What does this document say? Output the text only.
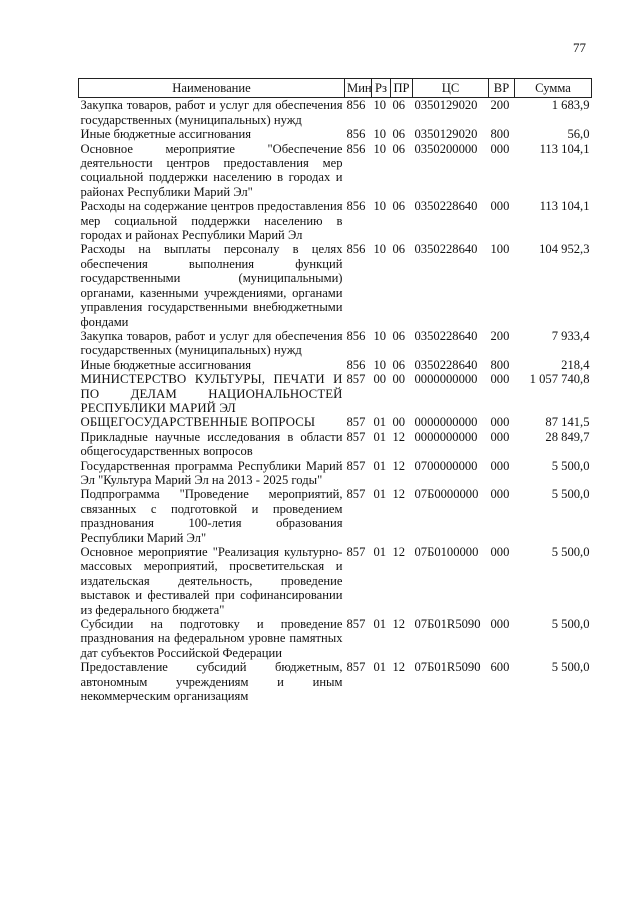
77
Наименование	Мин	Рз	ПР	ЦС	ВР	Сумма
Закупка товаров, работ и услуг для обеспечения государственных (муниципальных) нужд	856	10	06	0350129020	200	1 683,9
Иные бюджетные ассигнования	856	10	06	0350129020	800	56,0
Основное мероприятие "Обеспечение деятельности центров предоставления мер социальной поддержки населению в городах и районах Республики Марий Эл"	856	10	06	0350200000	000	113 104,1
Расходы на содержание центров предоставления мер социальной поддержки населению в городах и районах Республики Марий Эл	856	10	06	0350228640	000	113 104,1
Расходы на выплаты персоналу в целях обеспечения выполнения функций государственными (муниципальными) органами, казенными учреждениями, органами управления государственными внебюджетными фондами	856	10	06	0350228640	100	104 952,3
Закупка товаров, работ и услуг для обеспечения государственных (муниципальных) нужд	856	10	06	0350228640	200	7 933,4
Иные бюджетные ассигнования	856	10	06	0350228640	800	218,4
МИНИСТЕРСТВО КУЛЬТУРЫ, ПЕЧАТИ И ПО ДЕЛАМ НАЦИОНАЛЬНОСТЕЙ РЕСПУБЛИКИ МАРИЙ ЭЛ	857	00	00	0000000000	000	1 057 740,8
ОБЩЕГОСУДАРСТВЕННЫЕ ВОПРОСЫ	857	01	00	0000000000	000	87 141,5
Прикладные научные исследования в области общегосударственных вопросов	857	01	12	0000000000	000	28 849,7
Государственная программа Республики Марий Эл "Культура Марий Эл на 2013 - 2025 годы"	857	01	12	0700000000	000	5 500,0
Подпрограмма "Проведение мероприятий, связанных с подготовкой и проведением празднования 100-летия образования Республики Марий Эл"	857	01	12	07Б0000000	000	5 500,0
Основное мероприятие "Реализация культурно-массовых мероприятий, просветительская и издательская деятельность, проведение выставок и фестивалей при софинансировании из федерального бюджета"	857	01	12	07Б0100000	000	5 500,0
Субсидии на подготовку и проведение празднования на федеральном уровне памятных дат субъектов Российской Федерации	857	01	12	07Б01R5090	000	5 500,0
Предоставление субсидий бюджетным, автономным учреждениям и иным некоммерческим организациям	857	01	12	07Б01R5090	600	5 500,0
